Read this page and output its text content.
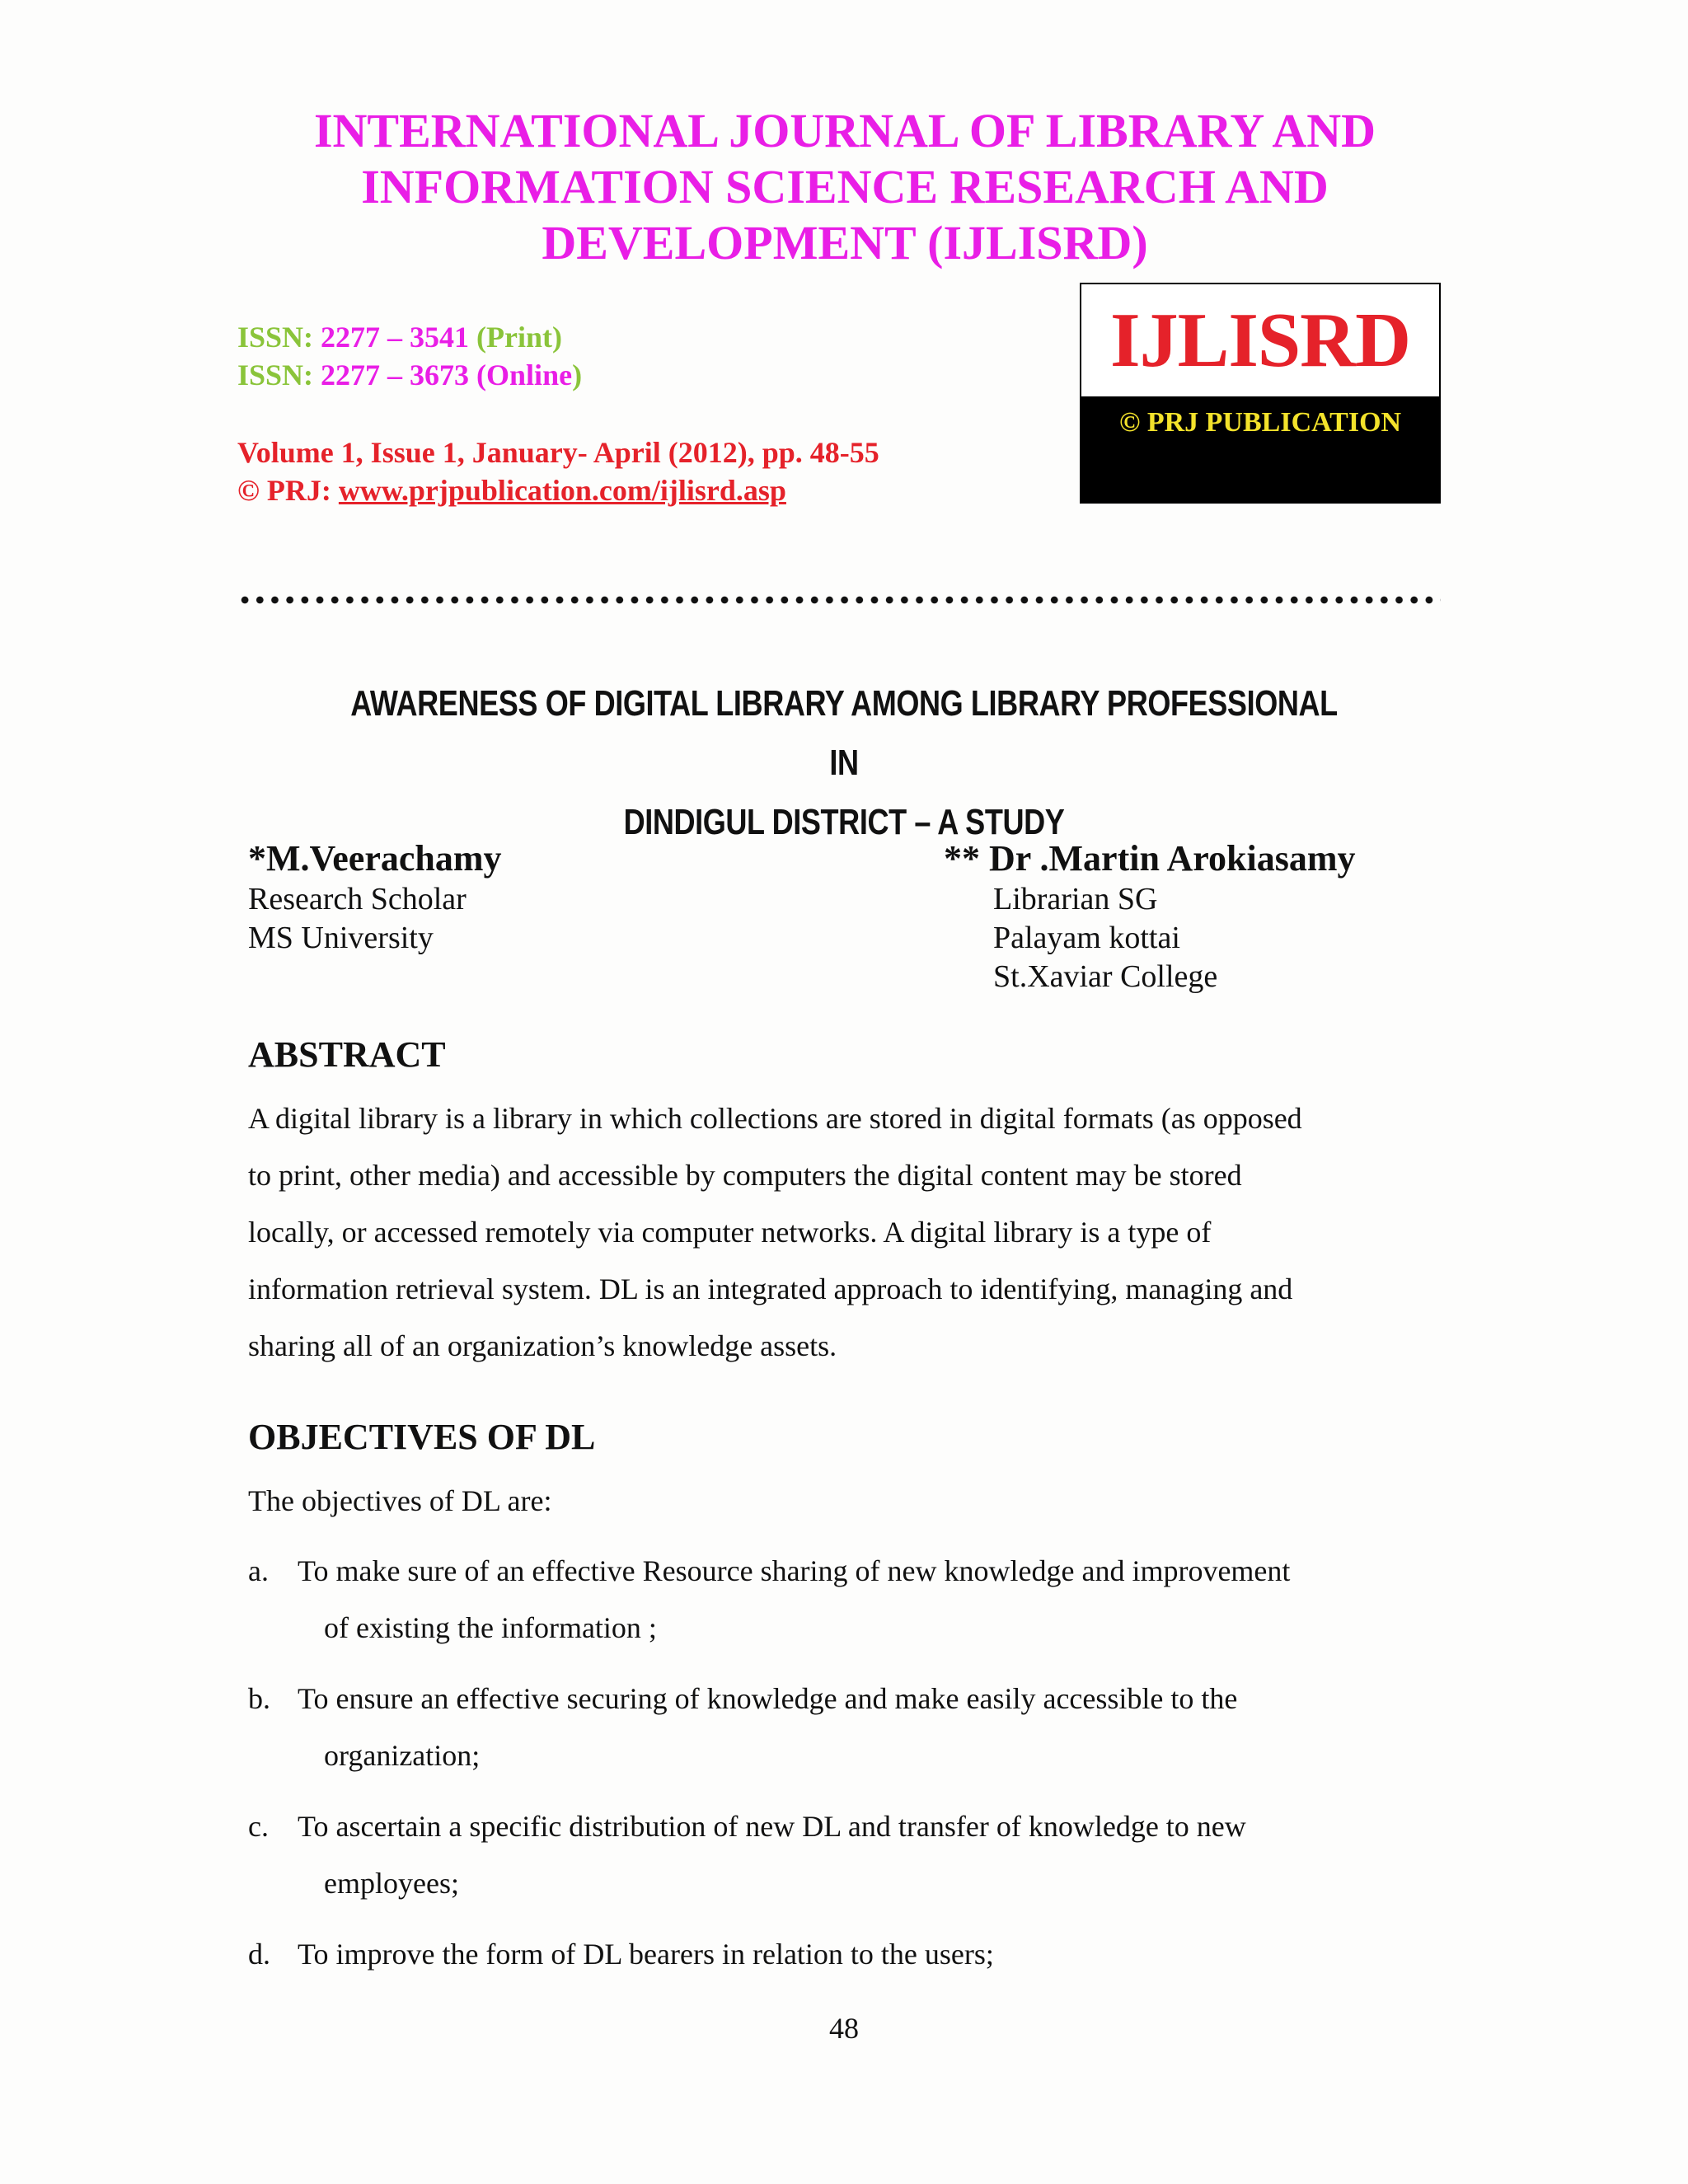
INTERNATIONAL JOURNAL OF LIBRARY AND
INFORMATION SCIENCE RESEARCH AND
DEVELOPMENT (IJLISRD)
ISSN: 2277 – 3541 (Print)
ISSN: 2277 – 3673 (Online)
Volume 1, Issue 1, January- April (2012), pp. 48-55
© PRJ: www.prjpublication.com/ijlisrd.asp
IJLISRD
© PRJ PUBLICATION
AWARENESS OF DIGITAL LIBRARY AMONG LIBRARY PROFESSIONAL IN
DINDIGUL DISTRICT – A STUDY
*M.Veerachamy
Research Scholar
MS University
** Dr .Martin Arokiasamy
Librarian SG
Palayam kottai
St.Xaviar College
ABSTRACT
A digital library is a library in which collections are stored in digital formats (as opposed
to print, other media) and accessible by computers the digital content may be stored
locally, or accessed remotely via computer networks. A digital library is a type of
information retrieval system. DL is an integrated approach to identifying, managing and
sharing all of an organization’s knowledge assets.
OBJECTIVES OF DL
The objectives of DL are:
a. To make sure of an effective Resource sharing of new knowledge and improvement
of existing the information ;
b. To ensure an effective securing of knowledge and make easily accessible to the
organization;
c. To ascertain a specific distribution of new DL and transfer of knowledge to new
employees;
d. To improve the form of DL bearers in relation to the users;
48
